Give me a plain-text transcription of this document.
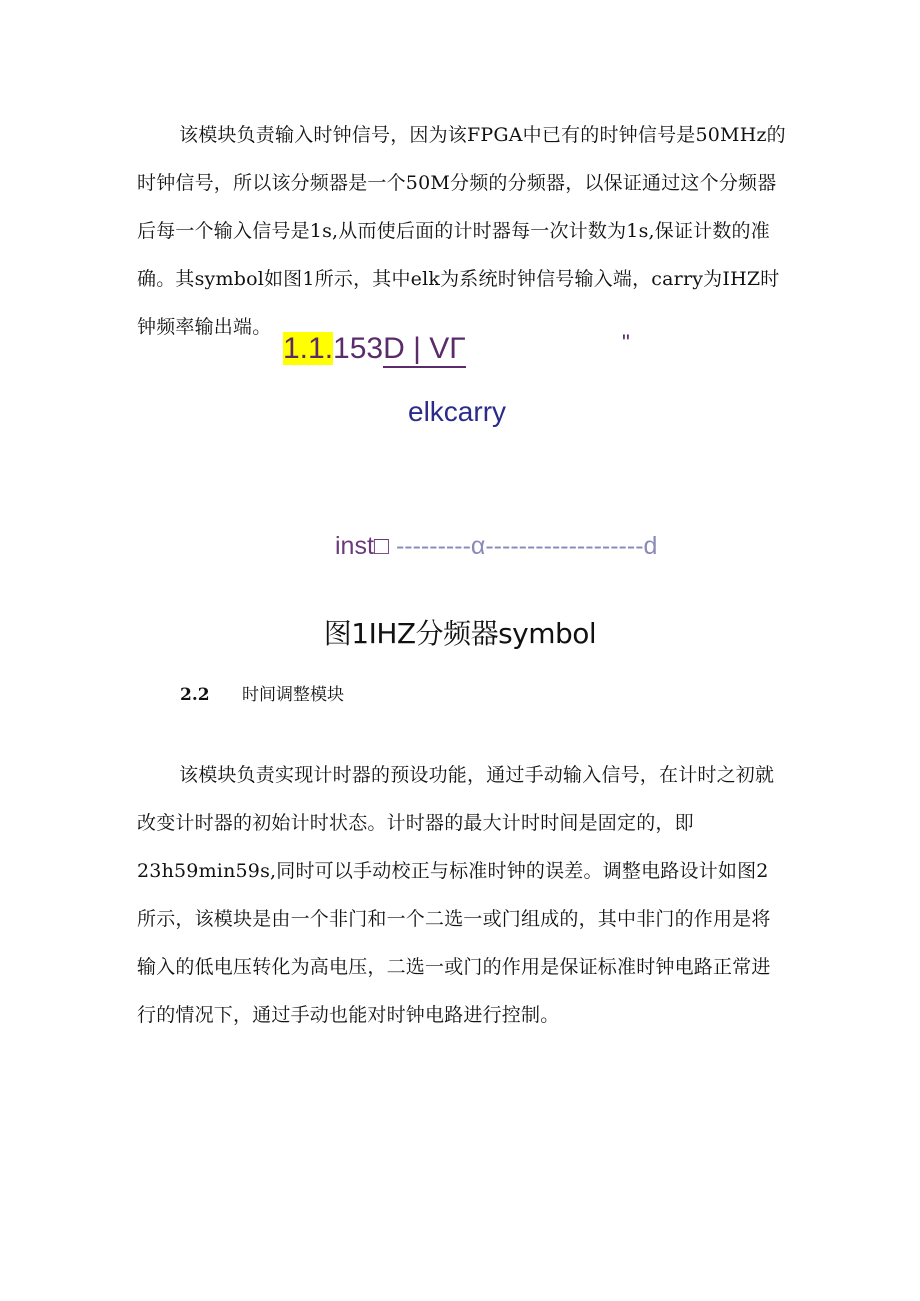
该模块负责输入时钟信号，因为该FPGA中已有的时钟信号是50MHz的时钟信号，所以该分频器是一个50M分频的分频器，以保证通过这个分频器后每一个输入信号是1s,从而使后面的计时器每一次计数为1s,保证计数的准确。其symbol如图1所示，其中elk为系统时钟信号输入端，carry为IHZ时钟频率输出端。

1.1.153D | VΓ	"
elkcarry
inst□ ---------α-------------------d
图1IHZ分频器symbol
2.2 时间调整模块

该模块负责实现计时器的预设功能，通过手动输入信号，在计时之初就改变计时器的初始计时状态。计时器的最大计时时间是固定的，即23h59min59s,同时可以手动校正与标准时钟的误差。调整电路设计如图2所示，该模块是由一个非门和一个二选一或门组成的，其中非门的作用是将输入的低电压转化为高电压，二选一或门的作用是保证标准时钟电路正常进行的情况下，通过手动也能对时钟电路进行控制。
